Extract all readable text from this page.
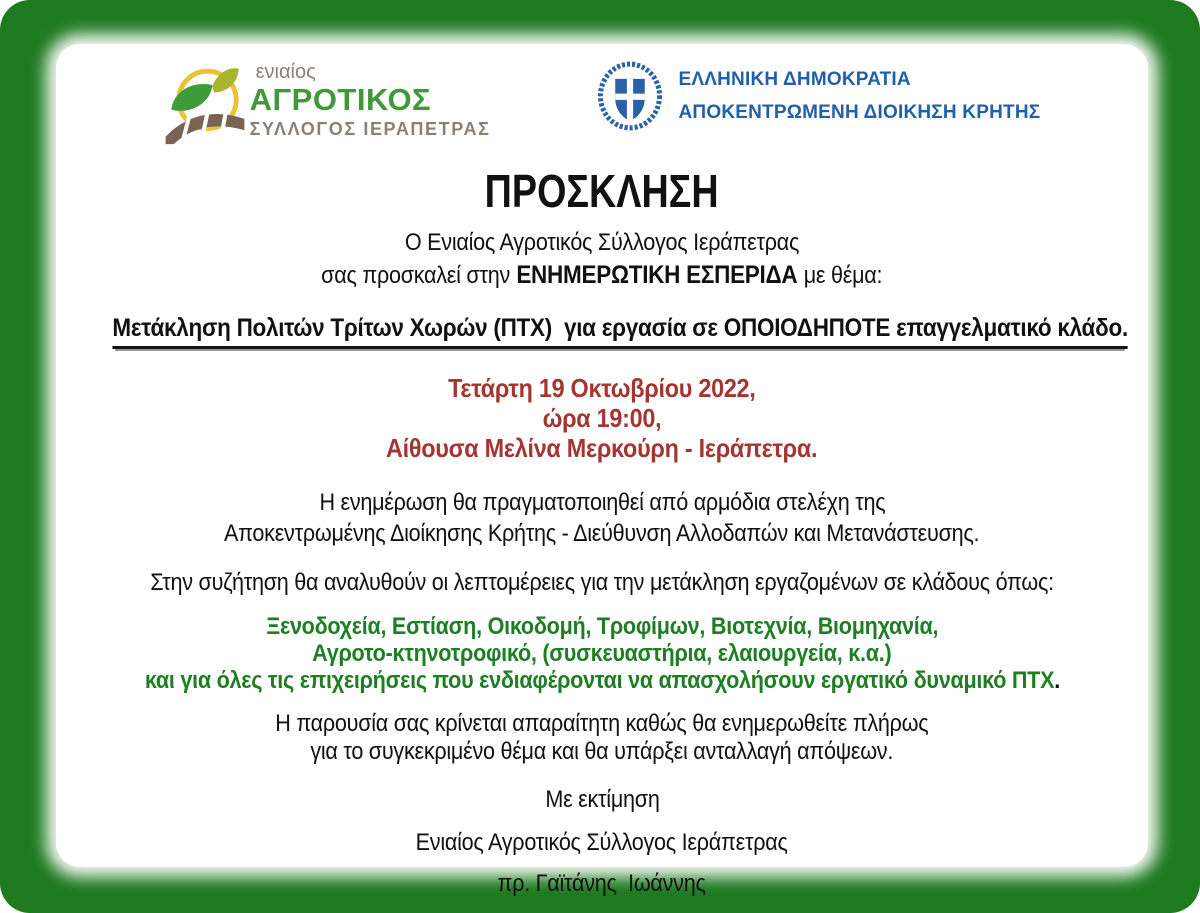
ενιαίος
ΑΓΡΟΤΙΚΟΣ
ΣΥΛΛΟΓΟΣ ΙΕΡΑΠΕΤΡΑΣ
ΕΛΛΗΝΙΚΗ ΔΗΜΟΚΡΑΤΙΑ
ΑΠΟΚΕΝΤΡΩΜΕΝΗ ΔΙΟΙΚΗΣΗ ΚΡΗΤΗΣ
ΠΡΟΣΚΛΗΣΗ
Ο Ενιαίος Αγροτικός Σύλλογος Ιεράπετρας
σας προσκαλεί στην ΕΝΗΜΕΡΩΤΙΚΗ ΕΣΠΕΡΙΔΑ με θέμα:
Μετάκληση Πολιτών Τρίτων Χωρών (ΠΤΧ)  για εργασία σε ΟΠΟΙΟΔΗΠΟΤΕ επαγγελματικό κλάδο.
Τετάρτη 19 Οκτωβρίου 2022,
ώρα 19:00,
Αίθουσα Μελίνα Μερκούρη - Ιεράπετρα.
Η ενημέρωση θα πραγματοποιηθεί από αρμόδια στελέχη της
Αποκεντρωμένης Διοίκησης Κρήτης - Διεύθυνση Αλλοδαπών και Μετανάστευσης.
Στην συζήτηση θα αναλυθούν οι λεπτομέρειες για την μετάκληση εργαζομένων σε κλάδους όπως:
Ξενοδοχεία, Εστίαση, Οικοδομή, Τροφίμων, Βιοτεχνία, Βιομηχανία,
Αγροτο-κτηνοτροφικό, (συσκευαστήρια, ελαιουργεία, κ.α.)
και για όλες τις επιχειρήσεις που ενδιαφέρονται να απασχολήσουν εργατικό δυναμικό ΠΤΧ.
Η παρουσία σας κρίνεται απαραίτητη καθώς θα ενημερωθείτε πλήρως
για το συγκεκριμένο θέμα και θα υπάρξει ανταλλαγή απόψεων.
Με εκτίμηση
Ενιαίος Αγροτικός Σύλλογος Ιεράπετρας
πρ. Γαϊτάνης  Ιωάννης
